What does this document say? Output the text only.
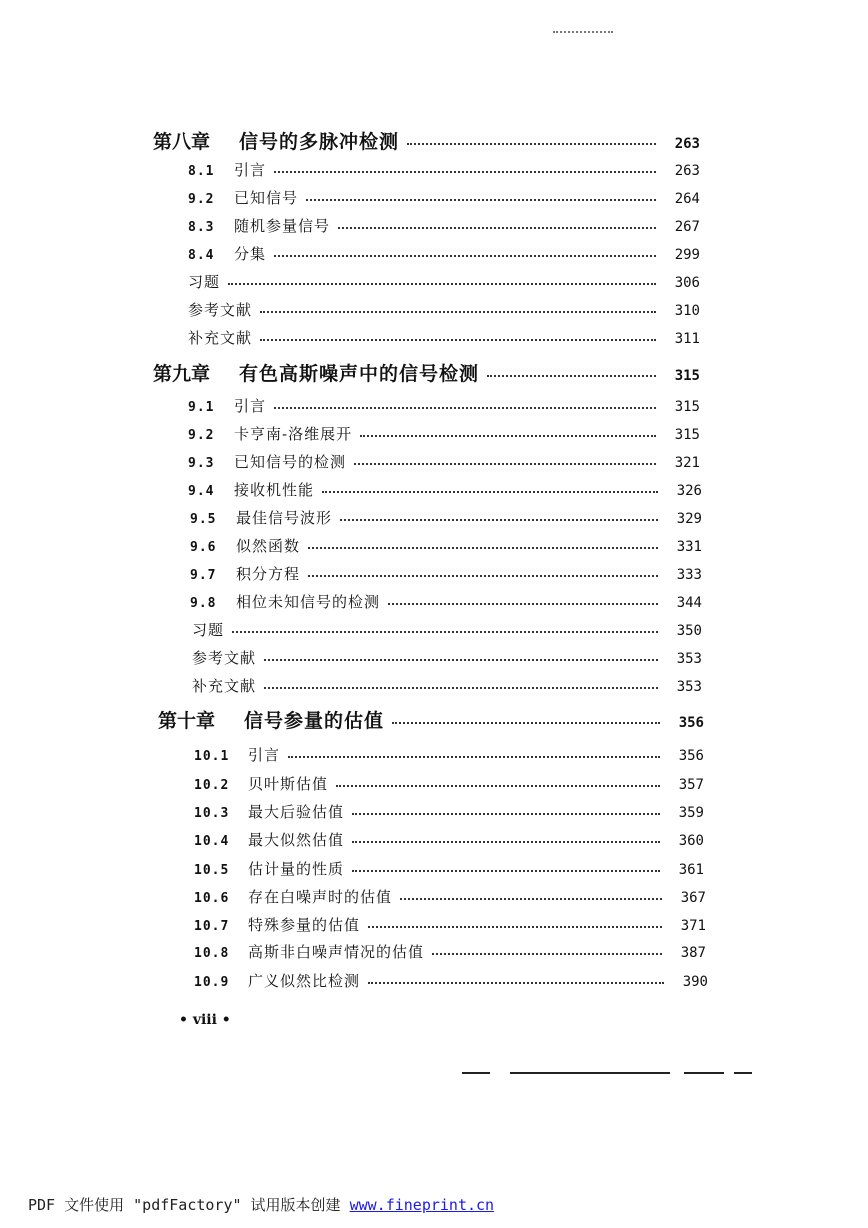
第八章	信号的多脉冲检测	263
8.1	引言	263
9.2	已知信号	264
8.3	随机参量信号	267
8.4	分集	299
习题	306
参考文献	310
补充文献	311
第九章	有色高斯噪声中的信号检测	315
9.1	引言	315
9.2	卡亨南-洛维展开	315
9.3	已知信号的检测	321
9.4	接收机性能	326
9.5	最佳信号波形	329
9.6	似然函数	331
9.7	积分方程	333
9.8	相位未知信号的检测	344
习题	350
参考文献	353
补充文献	353
第十章	信号参量的估值	356
10.1	引言	356
10.2	贝叶斯估值	357
10.3	最大后验估值	359
10.4	最大似然估值	360
10.5	估计量的性质	361
10.6	存在白噪声时的估值	367
10.7	特殊参量的估值	371
10.8	高斯非白噪声情况的估值	387
10.9	广义似然比检测	390
• viii •
PDF 文件使用 "pdfFactory" 试用版本创建 www.fineprint.cn
